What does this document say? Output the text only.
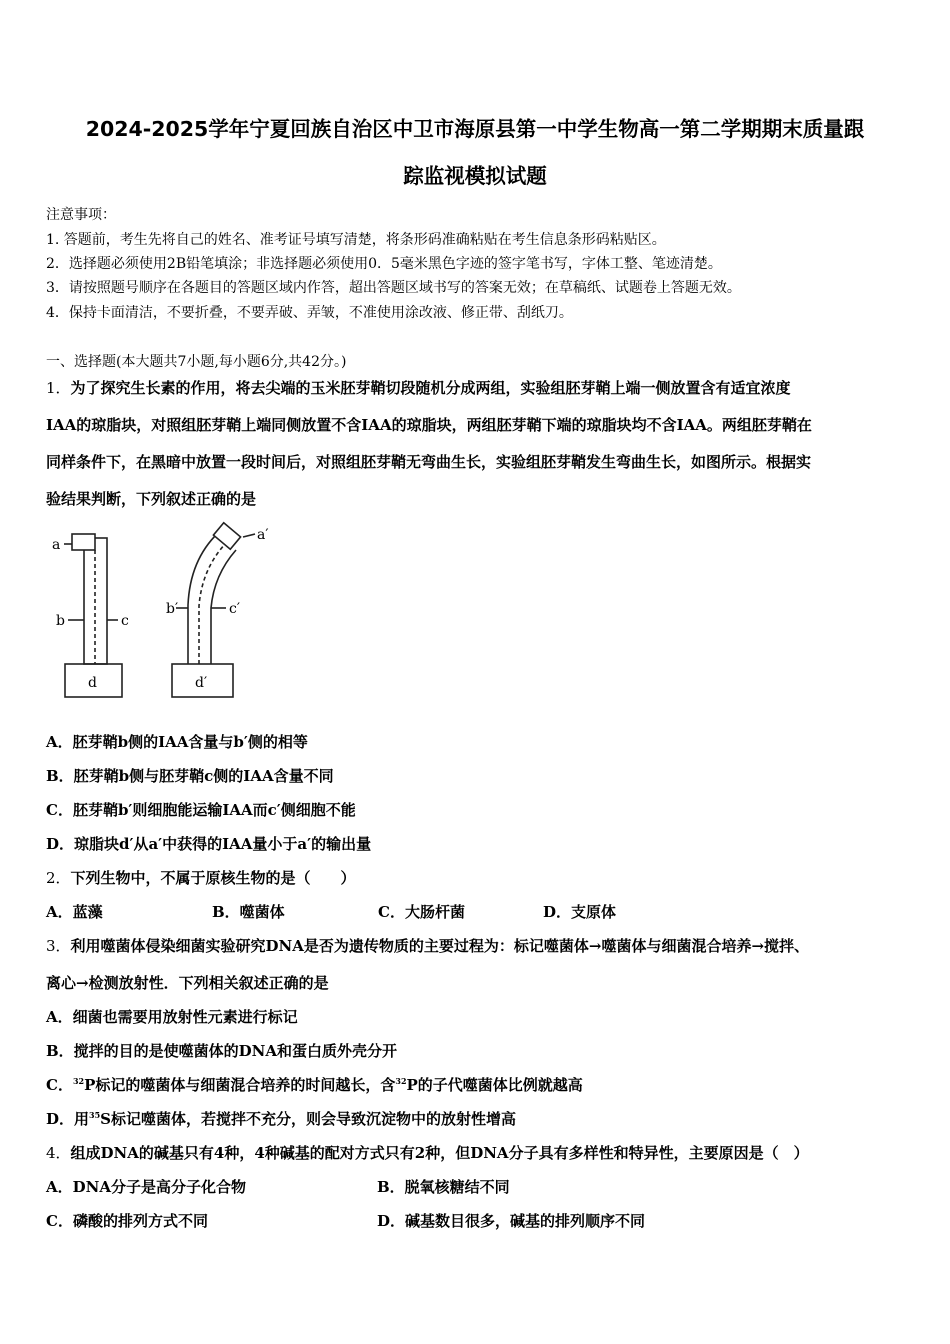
2024-2025学年宁夏回族自治区中卫市海原县第一中学生物高一第二学期期末质量跟
踪监视模拟试题
注意事项：
1. 答题前，考生先将自己的姓名、准考证号填写清楚，将条形码准确粘贴在考生信息条形码粘贴区。
2．选择题必须使用2B铅笔填涂；非选择题必须使用0．5毫米黑色字迹的签字笔书写，字体工整、笔迹清楚。
3．请按照题号顺序在各题目的答题区域内作答，超出答题区域书写的答案无效；在草稿纸、试题卷上答题无效。
4．保持卡面清洁，不要折叠，不要弄破、弄皱，不准使用涂改液、修正带、刮纸刀。
一、选择题(本大题共7小题,每小题6分,共42分。)
1．为了探究生长素的作用，将去尖端的玉米胚芽鞘切段随机分成两组，实验组胚芽鞘上端一侧放置含有适宜浓度
IAA的琼脂块，对照组胚芽鞘上端同侧放置不含IAA的琼脂块，两组胚芽鞘下端的琼脂块均不含IAA。两组胚芽鞘在
同样条件下，在黑暗中放置一段时间后，对照组胚芽鞘无弯曲生长，实验组胚芽鞘发生弯曲生长，如图所示。根据实
验结果判断，下列叙述正确的是
a
b	c
d
a′
b′	c′
d′
A．胚芽鞘b侧的IAA含量与b′侧的相等
B．胚芽鞘b侧与胚芽鞘c侧的IAA含量不同
C．胚芽鞘b′则细胞能运输IAA而c′侧细胞不能
D．琼脂块d′从a′中获得的IAA量小于a′的输出量
2．下列生物中，不属于原核生物的是（　　）
A．蓝藻	B．噬菌体	C．大肠杆菌	D．支原体
3．利用噬菌体侵染细菌实验研究DNA是否为遗传物质的主要过程为：标记噬菌体→噬菌体与细菌混合培养→搅拌、
离心→检测放射性．下列相关叙述正确的是
A．细菌也需要用放射性元素进行标记
B．搅拌的目的是使噬菌体的DNA和蛋白质外壳分开
C．$^{32}$P标记的噬菌体与细菌混合培养的时间越长，含$^{32}$P的子代噬菌体比例就越高
D．用$^{35}$S标记噬菌体，若搅拌不充分，则会导致沉淀物中的放射性增高
4．组成DNA的碱基只有4种，4种碱基的配对方式只有2种，但DNA分子具有多样性和特异性，主要原因是（　）
A．DNA分子是高分子化合物	B．脱氧核糖结不同
C．磷酸的排列方式不同	D．碱基数目很多，碱基的排列顺序不同
